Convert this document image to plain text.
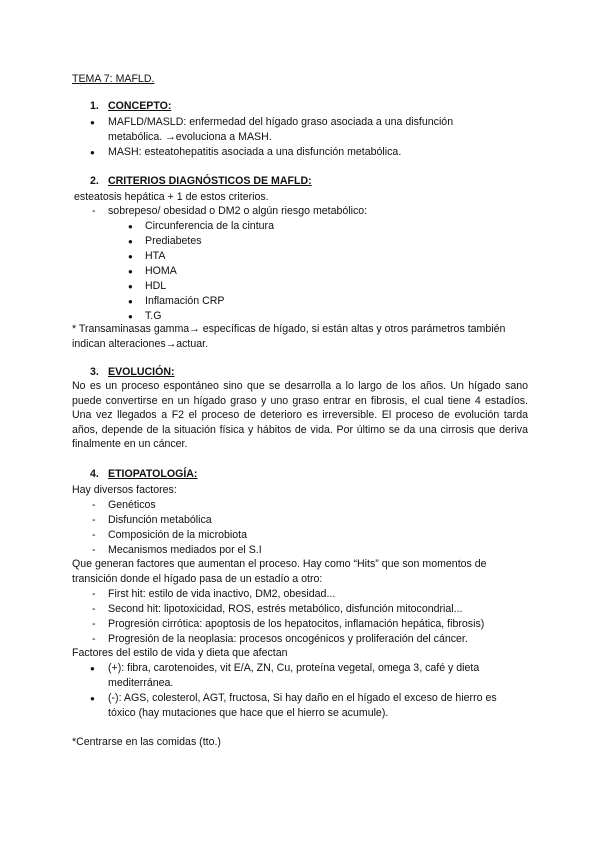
TEMA 7: MAFLD.
1. CONCEPTO:
● MAFLD/MASLD: enfermedad del hígado graso asociada a una disfunción
metabólica. →evoluciona a MASH.
● MASH: esteatohepatitis asociada a una disfunción metabólica.
2. CRITERIOS DIAGNÓSTICOS DE MAFLD:
esteatosis hepática + 1 de estos criterios.
- sobrepeso/ obesidad o DM2 o algún riesgo metabólico:
● Circunferencia de la cintura
● Prediabetes
● HTA
● HOMA
● HDL
● Inflamación CRP
● T.G
* Transaminasas gamma→ específicas de hígado, si están altas y otros parámetros también
indican alteraciones→actuar.
3. EVOLUCIÓN:
No es un proceso espontáneo sino que se desarrolla a lo largo de los años. Un hígado sano puede convertirse en un hígado graso y uno graso entrar en fibrosis, el cual tiene 4 estadíos. Una vez llegados a F2 el proceso de deterioro es irreversible. El proceso de evolución tarda años, depende de la situación física y hábitos de vida. Por último se da una cirrosis que deriva finalmente en un cáncer.
4. ETIOPATOLOGÍA:
Hay diversos factores:
- Genéticos
- Disfunción metabólica
- Composición de la microbiota
- Mecanismos mediados por el S.I
Que generan factores que aumentan el proceso. Hay como “Hits” que son momentos de
transición donde el hígado pasa de un estadío a otro:
- First hit: estilo de vida inactivo, DM2, obesidad...
- Second hit: lipotoxicidad, ROS, estrés metabólico, disfunción mitocondrial...
- Progresión cirrótica: apoptosis de los hepatocitos, inflamación hepática, fibrosis)
- Progresión de la neoplasia: procesos oncogénicos y proliferación del cáncer.
Factores del estilo de vida y dieta que afectan
● (+): fibra, carotenoides, vit E/A, ZN, Cu, proteína vegetal, omega 3, café y dieta
mediterránea.
● (-): AGS, colesterol, AGT, fructosa, Si hay daño en el hígado el exceso de hierro es
tóxico (hay mutaciones que hace que el hierro se acumule).
*Centrarse en las comidas (tto.)
